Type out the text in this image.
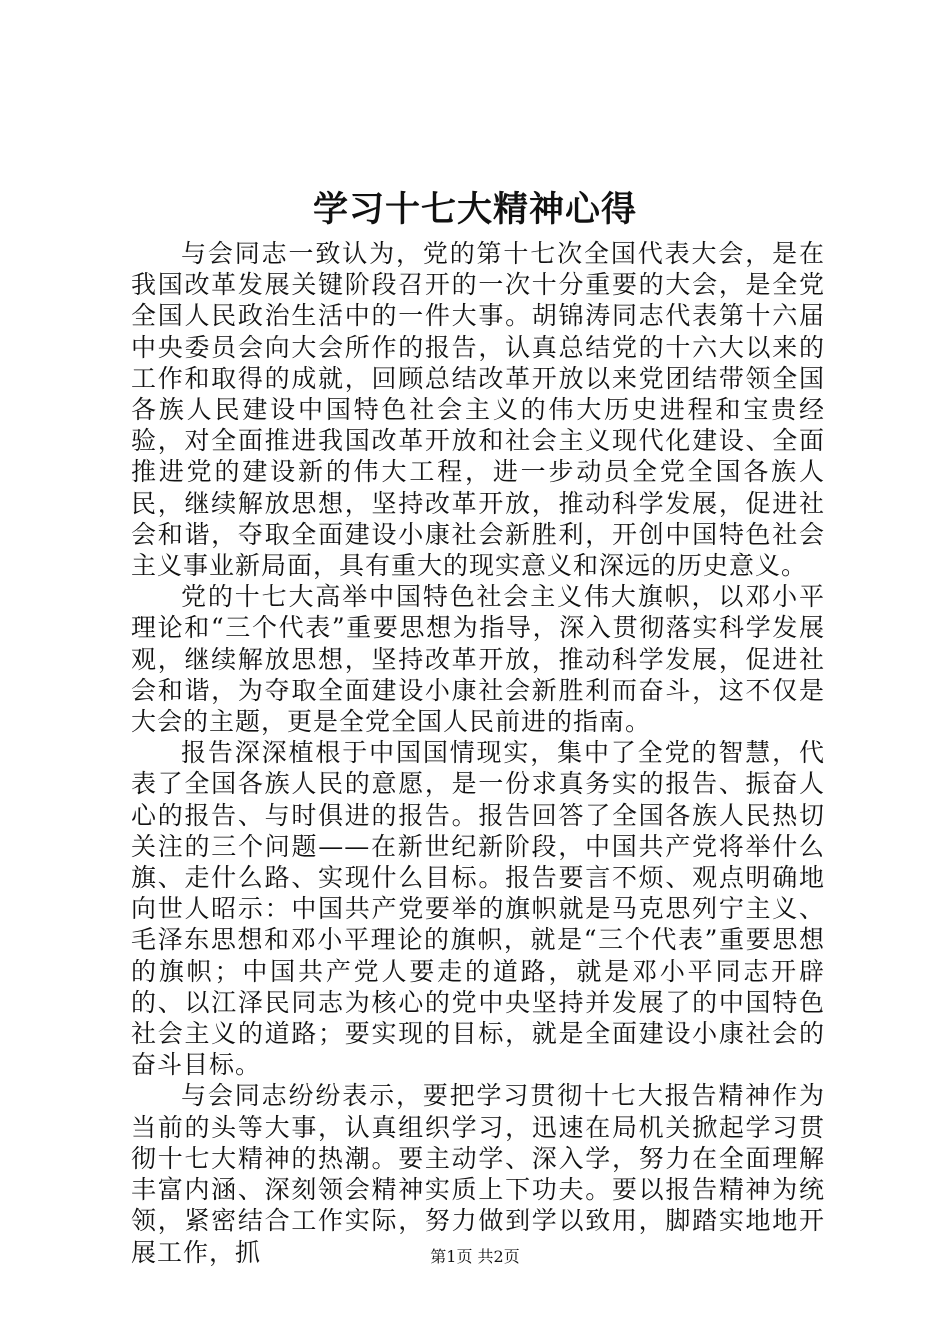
学习十七大精神心得

与会同志一致认为，党的第十七次全国代表大会，是在我国改革发展关键阶段召开的一次十分重要的大会，是全党全国人民政治生活中的一件大事。胡锦涛同志代表第十六届中央委员会向大会所作的报告，认真总结党的十六大以来的工作和取得的成就，回顾总结改革开放以来党团结带领全国各族人民建设中国特色社会主义的伟大历史进程和宝贵经验，对全面推进我国改革开放和社会主义现代化建设、全面推进党的建设新的伟大工程，进一步动员全党全国各族人民，继续解放思想，坚持改革开放，推动科学发展，促进社会和谐，夺取全面建设小康社会新胜利，开创中国特色社会主义事业新局面，具有重大的现实意义和深远的历史意义。

党的十七大高举中国特色社会主义伟大旗帜，以邓小平理论和“三个代表”重要思想为指导，深入贯彻落实科学发展观，继续解放思想，坚持改革开放，推动科学发展，促进社会和谐，为夺取全面建设小康社会新胜利而奋斗，这不仅是大会的主题，更是全党全国人民前进的指南。

报告深深植根于中国国情现实，集中了全党的智慧，代表了全国各族人民的意愿，是一份求真务实的报告、振奋人心的报告、与时俱进的报告。报告回答了全国各族人民热切关注的三个问题——在新世纪新阶段，中国共产党将举什么旗、走什么路、实现什么目标。报告要言不烦、观点明确地向世人昭示：中国共产党要举的旗帜就是马克思列宁主义、毛泽东思想和邓小平理论的旗帜，就是“三个代表”重要思想的旗帜；中国共产党人要走的道路，就是邓小平同志开辟的、以江泽民同志为核心的党中央坚持并发展了的中国特色社会主义的道路；要实现的目标，就是全面建设小康社会的奋斗目标。

与会同志纷纷表示，要把学习贯彻十七大报告精神作为当前的头等大事，认真组织学习，迅速在局机关掀起学习贯彻十七大精神的热潮。要主动学、深入学，努力在全面理解丰富内涵、深刻领会精神实质上下功夫。要以报告精神为统领，紧密结合工作实际，努力做到学以致用，脚踏实地地开展工作，抓	第1页 共2页
